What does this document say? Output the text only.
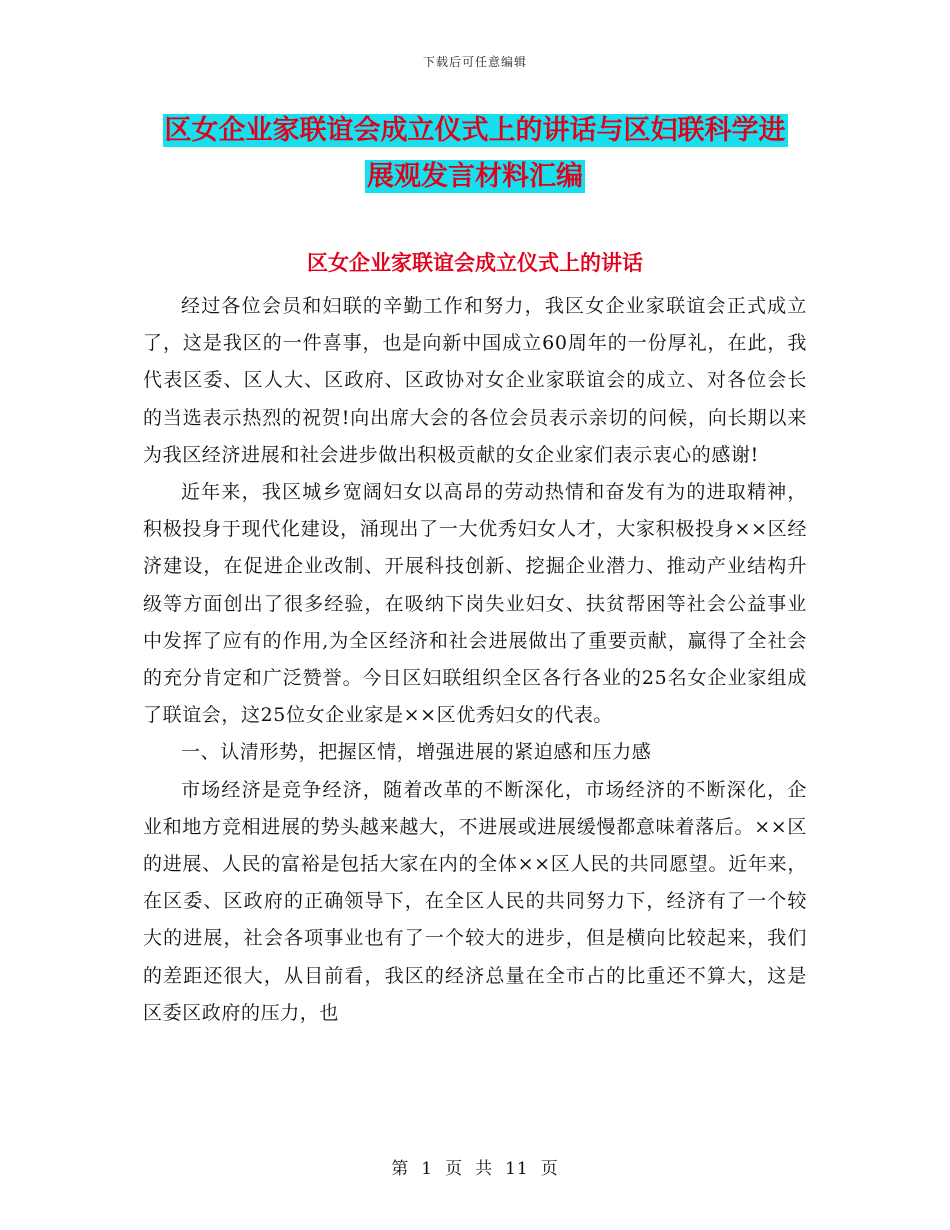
下载后可任意编辑
区女企业家联谊会成立仪式上的讲话与区妇联科学进
展观发言材料汇编
区女企业家联谊会成立仪式上的讲话

经过各位会员和妇联的辛勤工作和努力，我区女企业家联谊会正式成立了，这是我区的一件喜事，也是向新中国成立60周年的一份厚礼，在此，我代表区委、区人大、区政府、区政协对女企业家联谊会的成立、对各位会长的当选表示热烈的祝贺!向出席大会的各位会员表示亲切的问候，向长期以来为我区经济进展和社会进步做出积极贡献的女企业家们表示衷心的感谢!

近年来，我区城乡宽阔妇女以高昂的劳动热情和奋发有为的进取精神，积极投身于现代化建设，涌现出了一大优秀妇女人才，大家积极投身××区经济建设，在促进企业改制、开展科技创新、挖掘企业潜力、推动产业结构升级等方面创出了很多经验，在吸纳下岗失业妇女、扶贫帮困等社会公益事业中发挥了应有的作用,为全区经济和社会进展做出了重要贡献，赢得了全社会的充分肯定和广泛赞誉。今日区妇联组织全区各行各业的25名女企业家组成了联谊会，这25位女企业家是××区优秀妇女的代表。

一、认清形势，把握区情，增强进展的紧迫感和压力感

市场经济是竞争经济，随着改革的不断深化，市场经济的不断深化，企业和地方竞相进展的势头越来越大，不进展或进展缓慢都意味着落后。××区的进展、人民的富裕是包括大家在内的全体××区人民的共同愿望。近年来，在区委、区政府的正确领导下，在全区人民的共同努力下，经济有了一个较大的进展，社会各项事业也有了一个较大的进步，但是横向比较起来，我们的差距还很大，从目前看，我区的经济总量在全市占的比重还不算大，这是区委区政府的压力，也

第 1 页 共 11 页
